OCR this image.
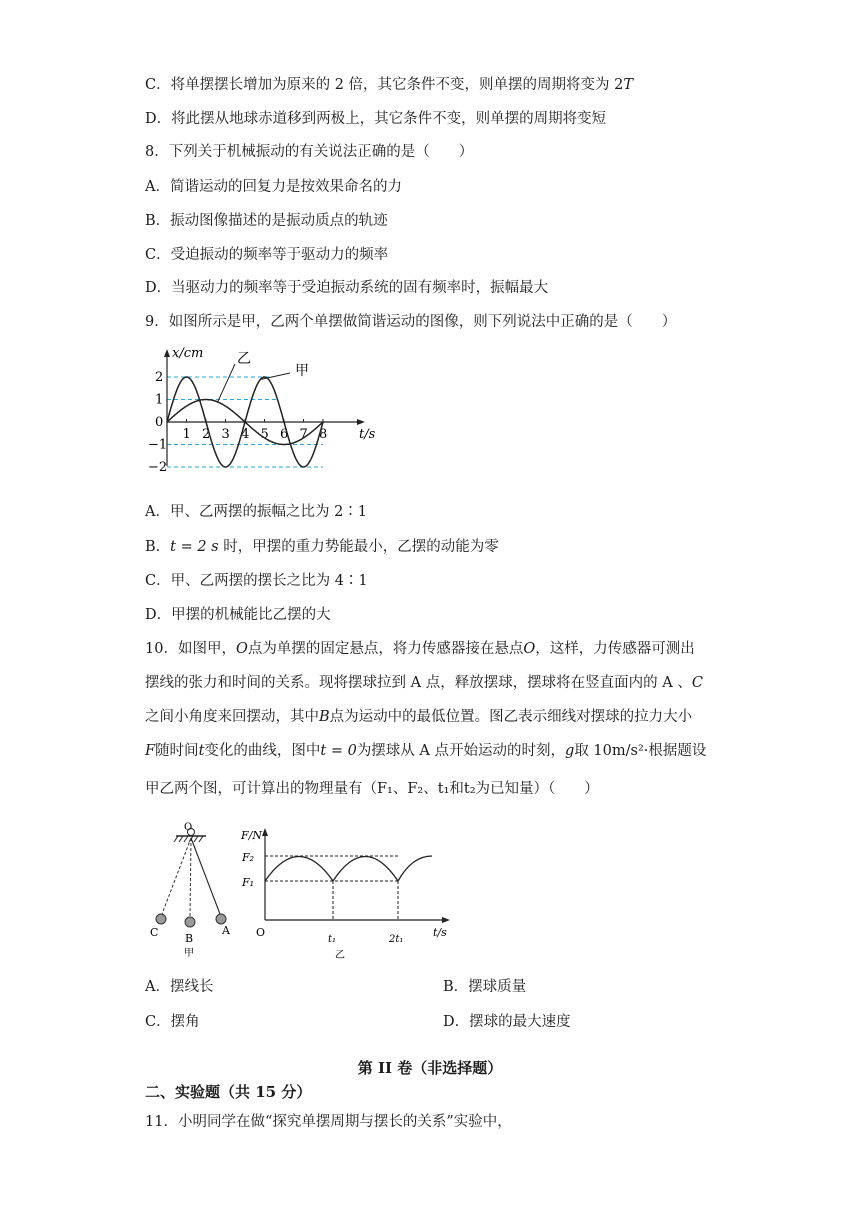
C．将单摆摆长增加为原来的 2 倍，其它条件不变，则单摆的周期将变为 2T
D．将此摆从地球赤道移到两极上，其它条件不变，则单摆的周期将变短
8．下列关于机械振动的有关说法正确的是（　　）
A．简谐运动的回复力是按效果命名的力
B．振动图像描述的是振动质点的轨迹
C．受迫振动的频率等于驱动力的频率
D．当驱动力的频率等于受迫振动系统的固有频率时，振幅最大
9．如图所示是甲，乙两个单摆做简谐运动的图像，则下列说法中正确的是（　　）
x/cm
t/s
0
2
1
−1
−2
1 2 3 4 5 6 7 8
甲
乙
A．甲、乙两摆的振幅之比为 2∶1
B．t = 2 s 时，甲摆的重力势能最小，乙摆的动能为零
C．甲、乙两摆的摆长之比为 4∶1
D．甲摆的机械能比乙摆的大
10．如图甲，O点为单摆的固定悬点，将力传感器接在悬点O，这样，力传感器可测出
摆线的张力和时间的关系。现将摆球拉到 A 点，释放摆球，摆球将在竖直面内的 A 、C
之间小角度来回摆动，其中B点为运动中的最低位置。图乙表示细线对摆球的拉力大小
F随时间t变化的曲线，图中t = 0为摆球从 A 点开始运动的时刻，g取 10m/s²·根据题设
甲乙两个图，可计算出的物理量有（F₁、F₂、t₁和t₂为已知量）（　　）
O
C B
A
甲
F/N
t/s
F₂
F₁
O
t₁	2t₁
乙
A．摆线长	B．摆球质量
C．摆角	D．摆球的最大速度
第 II 卷（非选择题）
二、实验题（共 15 分）
11．小明同学在做“探究单摆周期与摆长的关系”实验中，
